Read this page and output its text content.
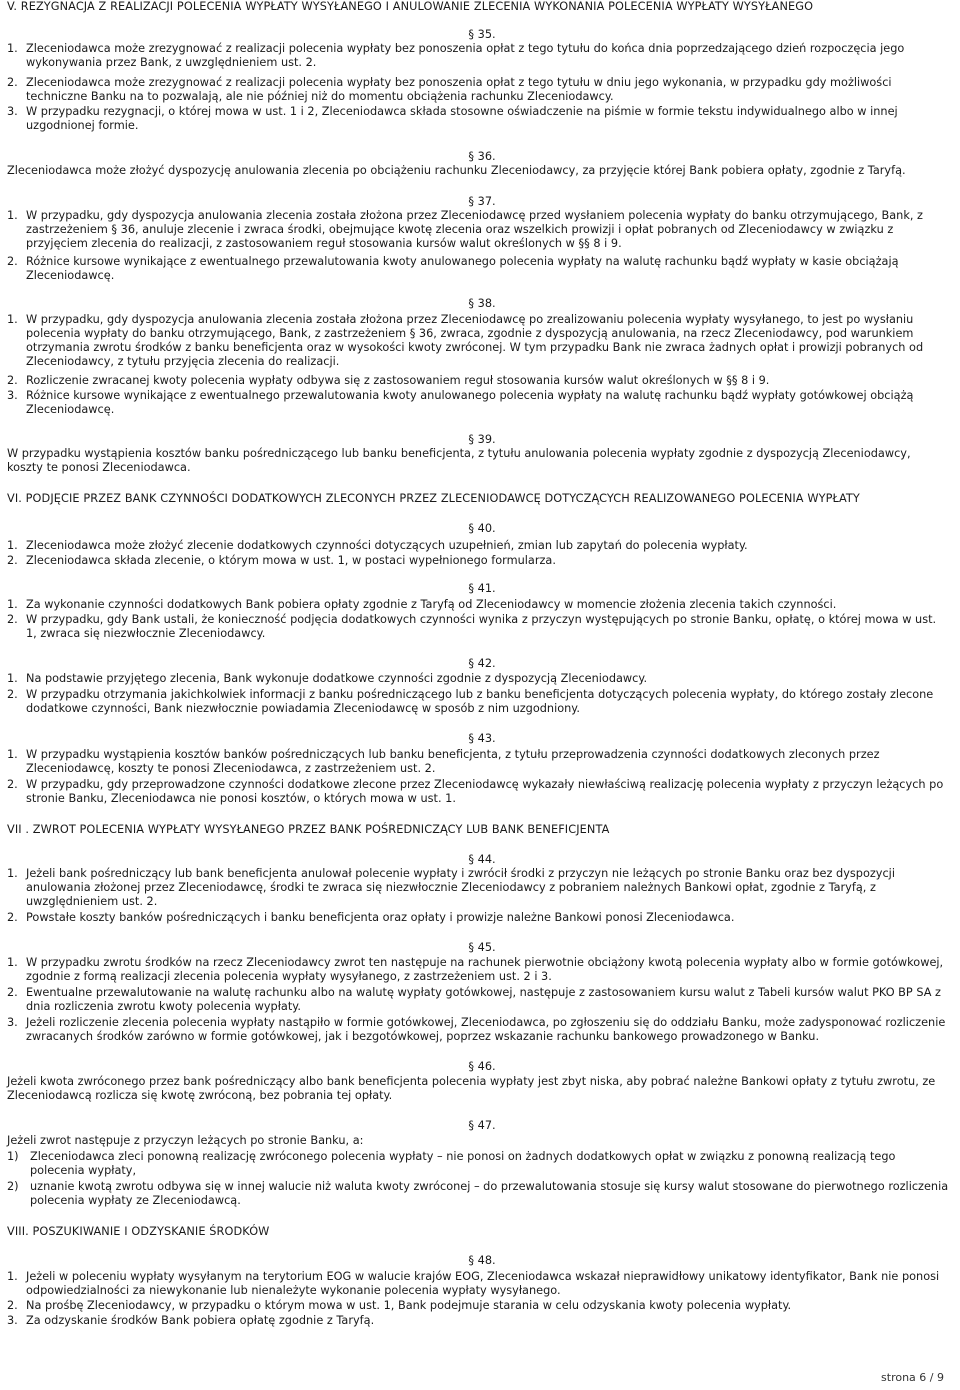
V. REZYGNACJA Z REALIZACJI POLECENIA WYPŁATY WYSYŁANEGO I ANULOWANIE ZLECENIA WYKONANIA POLECENIA WYPŁATY WYSYŁANEGO
§ 35.
1. Zleceniodawca może zrezygnować z realizacji polecenia wypłaty bez ponoszenia opłat z tego tytułu do końca dnia poprzedzającego dzień rozpoczęcia jego wykonywania przez Bank, z uwzględnieniem ust. 2.
2. Zleceniodawca może zrezygnować z realizacji polecenia wypłaty bez ponoszenia opłat z tego tytułu w dniu jego wykonania, w przypadku gdy możliwości techniczne Banku na to pozwalają, ale nie później niż do momentu obciążenia rachunku Zleceniodawcy.
3. W przypadku rezygnacji, o której mowa w ust. 1 i 2, Zleceniodawca składa stosowne oświadczenie na piśmie w formie tekstu indywidualnego albo w innej uzgodnionej formie.
§ 36.
Zleceniodawca może złożyć dyspozycję anulowania zlecenia po obciążeniu rachunku Zleceniodawcy, za przyjęcie której Bank pobiera opłaty, zgodnie z Taryfą.
§ 37.
1. W przypadku, gdy dyspozycja anulowania zlecenia została złożona przez Zleceniodawcę przed wysłaniem polecenia wypłaty do banku otrzymującego, Bank, z zastrzeżeniem § 36, anuluje zlecenie i zwraca środki, obejmujące kwotę zlecenia oraz wszelkich prowizji i opłat pobranych od Zleceniodawcy w związku z przyjęciem zlecenia do realizacji, z zastosowaniem reguł stosowania kursów walut określonych w §§ 8 i 9.
2. Różnice kursowe wynikające z ewentualnego przewalutowania kwoty anulowanego polecenia wypłaty na walutę rachunku bądź wypłaty w kasie obciążają Zleceniodawcę.
§ 38.
1. W przypadku, gdy dyspozycja anulowania zlecenia została złożona przez Zleceniodawcę po zrealizowaniu polecenia wypłaty wysyłanego, to jest po wysłaniu polecenia wypłaty do banku otrzymującego, Bank, z zastrzeżeniem § 36, zwraca, zgodnie z dyspozycją anulowania, na rzecz Zleceniodawcy, pod warunkiem otrzymania zwrotu środków z banku beneficjenta oraz w wysokości kwoty zwróconej. W tym przypadku Bank nie zwraca żadnych opłat i prowizji pobranych od Zleceniodawcy, z tytułu przyjęcia zlecenia do realizacji.
2. Rozliczenie zwracanej kwoty polecenia wypłaty odbywa się z zastosowaniem reguł stosowania kursów walut określonych w §§ 8 i 9.
3. Różnice kursowe wynikające z ewentualnego przewalutowania kwoty anulowanego polecenia wypłaty na walutę rachunku bądź wypłaty gotówkowej obciążą Zleceniodawcę.
§ 39.
W przypadku wystąpienia kosztów banku pośredniczącego lub banku beneficjenta, z tytułu anulowania polecenia wypłaty zgodnie z dyspozycją Zleceniodawcy, koszty te ponosi Zleceniodawca.
VI. PODJĘCIE PRZEZ BANK CZYNNOŚCI DODATKOWYCH ZLECONYCH PRZEZ ZLECENIODAWCĘ DOTYCZĄCYCH REALIZOWANEGO POLECENIA WYPŁATY
§ 40.
1. Zleceniodawca może złożyć zlecenie dodatkowych czynności dotyczących uzupełnień, zmian lub zapytań do polecenia wypłaty.
2. Zleceniodawca składa zlecenie, o którym mowa w ust. 1, w postaci wypełnionego formularza.
§ 41.
1. Za wykonanie czynności dodatkowych Bank pobiera opłaty zgodnie z Taryfą od Zleceniodawcy w momencie złożenia zlecenia takich czynności.
2. W przypadku, gdy Bank ustali, że konieczność podjęcia dodatkowych czynności wynika z przyczyn występujących po stronie Banku, opłatę, o której mowa w ust. 1, zwraca się niezwłocznie Zleceniodawcy.
§ 42.
1. Na podstawie przyjętego zlecenia, Bank wykonuje dodatkowe czynności zgodnie z dyspozycją Zleceniodawcy.
2. W przypadku otrzymania jakichkolwiek informacji z banku pośredniczącego lub z banku beneficjenta dotyczących polecenia wypłaty, do którego zostały zlecone dodatkowe czynności, Bank niezwłocznie powiadamia Zleceniodawcę w sposób z nim uzgodniony.
§ 43.
1. W przypadku wystąpienia kosztów banków pośredniczących lub banku beneficjenta, z tytułu przeprowadzenia czynności dodatkowych zleconych przez Zleceniodawcę, koszty te ponosi Zleceniodawca, z zastrzeżeniem ust. 2.
2. W przypadku, gdy przeprowadzone czynności dodatkowe zlecone przez Zleceniodawcę wykazały niewłaściwą realizację polecenia wypłaty z przyczyn leżących po stronie Banku, Zleceniodawca nie ponosi kosztów, o których mowa w ust. 1.
VII . ZWROT POLECENIA WYPŁATY WYSYŁANEGO PRZEZ BANK POŚREDNICZĄCY LUB BANK BENEFICJENTA
§ 44.
1. Jeżeli bank pośredniczący lub bank beneficjenta anulował polecenie wypłaty i zwrócił środki z przyczyn nie leżących po stronie Banku oraz bez dyspozycji anulowania złożonej przez Zleceniodawcę, środki te zwraca się niezwłocznie Zleceniodawcy z pobraniem należnych Bankowi opłat, zgodnie z Taryfą, z uwzględnieniem ust. 2.
2. Powstałe koszty banków pośredniczących i banku beneficjenta oraz opłaty i prowizje należne Bankowi ponosi Zleceniodawca.
§ 45.
1. W przypadku zwrotu środków na rzecz Zleceniodawcy zwrot ten następuje na rachunek pierwotnie obciążony kwotą polecenia wypłaty albo w formie gotówkowej, zgodnie z formą realizacji zlecenia polecenia wypłaty wysyłanego, z zastrzeżeniem ust. 2 i 3.
2. Ewentualne przewalutowanie na walutę rachunku albo na walutę wypłaty gotówkowej, następuje z zastosowaniem kursu walut z Tabeli kursów walut PKO BP SA z dnia rozliczenia zwrotu kwoty polecenia wypłaty.
3. Jeżeli rozliczenie zlecenia polecenia wypłaty nastąpiło w formie gotówkowej, Zleceniodawca, po zgłoszeniu się do oddziału Banku, może zadysponować rozliczenie zwracanych środków zarówno w formie gotówkowej, jak i bezgotówkowej, poprzez wskazanie rachunku bankowego prowadzonego w Banku.
§ 46.
Jeżeli kwota zwróconego przez bank pośredniczący albo bank beneficjenta polecenia wypłaty jest zbyt niska, aby pobrać należne Bankowi opłaty z tytułu zwrotu, ze Zleceniodawcą rozlicza się kwotę zwróconą, bez pobrania tej opłaty.
§ 47.
Jeżeli zwrot następuje z przyczyn leżących po stronie Banku, a:
1)	Zleceniodawca zleci ponowną realizację zwróconego polecenia wypłaty – nie ponosi on żadnych dodatkowych opłat w związku z ponowną realizacją tego polecenia wypłaty,
2)	uznanie kwotą zwrotu odbywa się w innej walucie niż waluta kwoty zwróconej – do przewalutowania stosuje się kursy walut stosowane do pierwotnego rozliczenia polecenia wypłaty ze Zleceniodawcą.
VIII. POSZUKIWANIE I ODZYSKANIE ŚRODKÓW
§ 48.
1. Jeżeli w poleceniu wypłaty wysyłanym na terytorium EOG w walucie krajów EOG, Zleceniodawca wskazał nieprawidłowy unikatowy identyfikator, Bank nie ponosi odpowiedzialności za niewykonanie lub nienależyte wykonanie polecenia wypłaty wysyłanego.
2. Na prośbę Zleceniodawcy, w przypadku o którym mowa w ust. 1, Bank podejmuje starania w celu odzyskania kwoty polecenia wypłaty.
3. Za odzyskanie środków Bank pobiera opłatę zgodnie z Taryfą.
strona 6 / 9
